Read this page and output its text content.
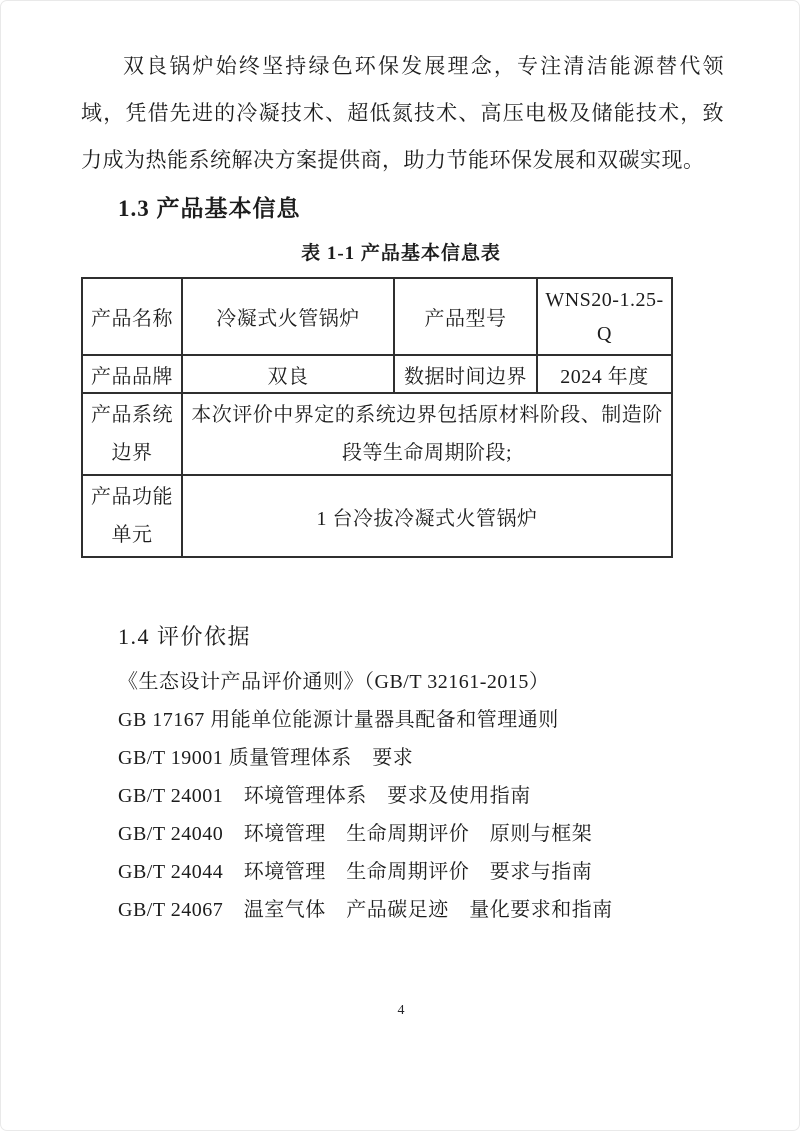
双良锅炉始终坚持绿色环保发展理念，专注清洁能源替代领域，凭借先进的冷凝技术、超低氮技术、高压电极及储能技术，致力成为热能系统解决方案提供商，助力节能环保发展和双碳实现。

1.3 产品基本信息
表 1-1 产品基本信息表
产品名称	冷凝式火管锅炉	产品型号	WNS20-1.25-Q
产品品牌	双良	数据时间边界	2024 年度
产品系统边界	本次评价中界定的系统边界包括原材料阶段、制造阶段等生命周期阶段;		
产品功能单元	1 台冷拔冷凝式火管锅炉		
1.4 评价依据
《生态设计产品评价通则》（GB/T 32161-2015）
GB 17167 用能单位能源计量器具配备和管理通则
GB/T 19001 质量管理体系　要求
GB/T 24001　环境管理体系　要求及使用指南
GB/T 24040　环境管理　生命周期评价　原则与框架
GB/T 24044　环境管理　生命周期评价　要求与指南
GB/T 24067　温室气体　产品碳足迹　量化要求和指南
4
